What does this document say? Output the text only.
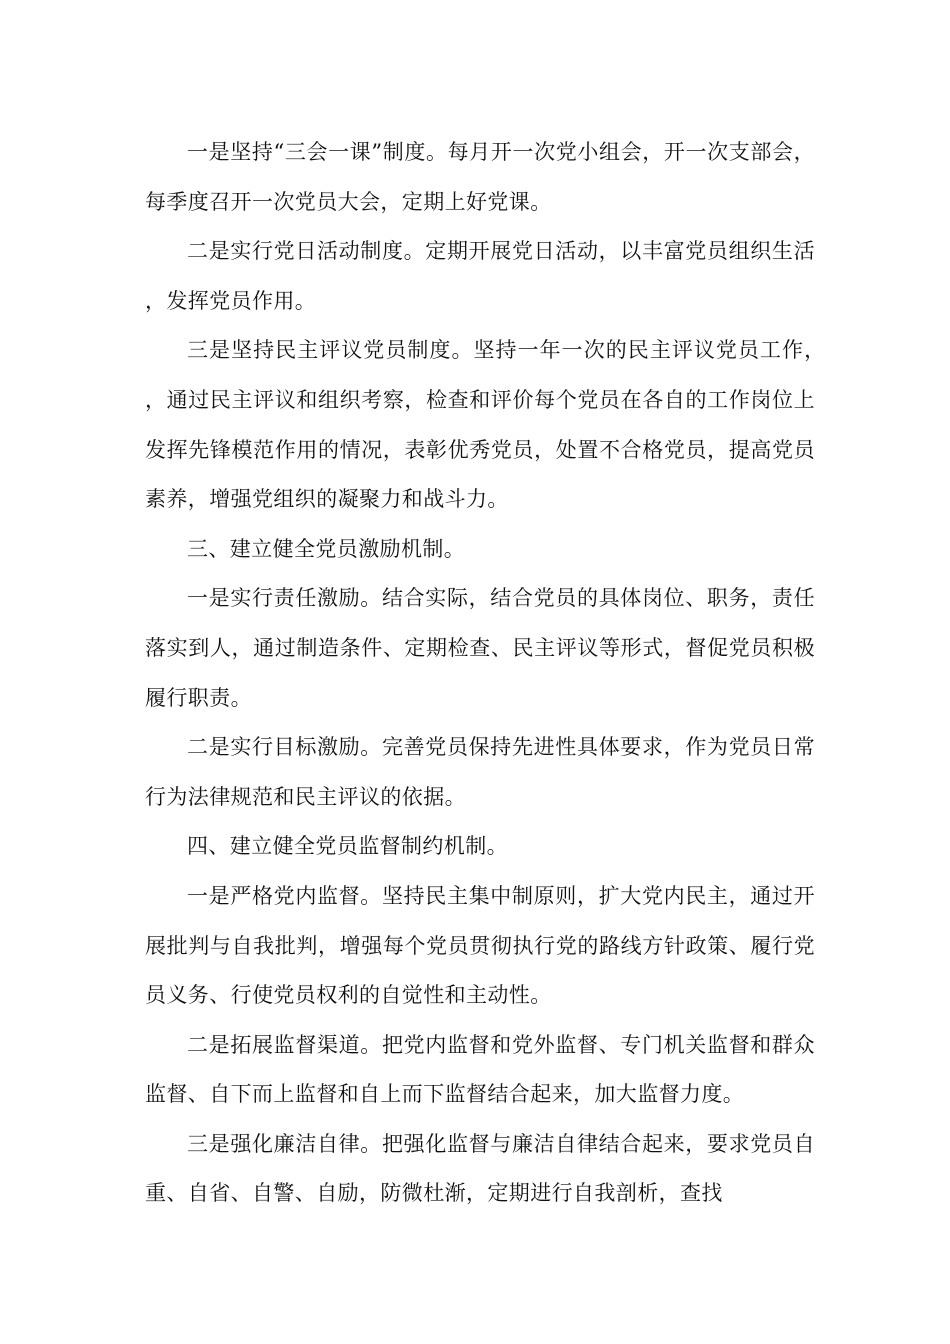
一是坚持“三会一课”制度。每月开一次党小组会，开一次支部会，每季度召开一次党员大会，定期上好党课。

二是实行党日活动制度。定期开展党日活动，以丰富党员组织生活，发挥党员作用。

三是坚持民主评议党员制度。坚持一年一次的民主评议党员工作，，通过民主评议和组织考察，检查和评价每个党员在各自的工作岗位上发挥先锋模范作用的情况，表彰优秀党员，处置不合格党员，提高党员素养，增强党组织的凝聚力和战斗力。

三、建立健全党员激励机制。

一是实行责任激励。结合实际，结合党员的具体岗位、职务，责任落实到人，通过制造条件、定期检查、民主评议等形式，督促党员积极履行职责。

二是实行目标激励。完善党员保持先进性具体要求，作为党员日常行为法律规范和民主评议的依据。

四、建立健全党员监督制约机制。

一是严格党内监督。坚持民主集中制原则，扩大党内民主，通过开展批判与自我批判，增强每个党员贯彻执行党的路线方针政策、履行党员义务、行使党员权利的自觉性和主动性。

二是拓展监督渠道。把党内监督和党外监督、专门机关监督和群众监督、自下而上监督和自上而下监督结合起来，加大监督力度。

三是强化廉洁自律。把强化监督与廉洁自律结合起来，要求党员自重、自省、自警、自励，防微杜渐，定期进行自我剖析，查找
